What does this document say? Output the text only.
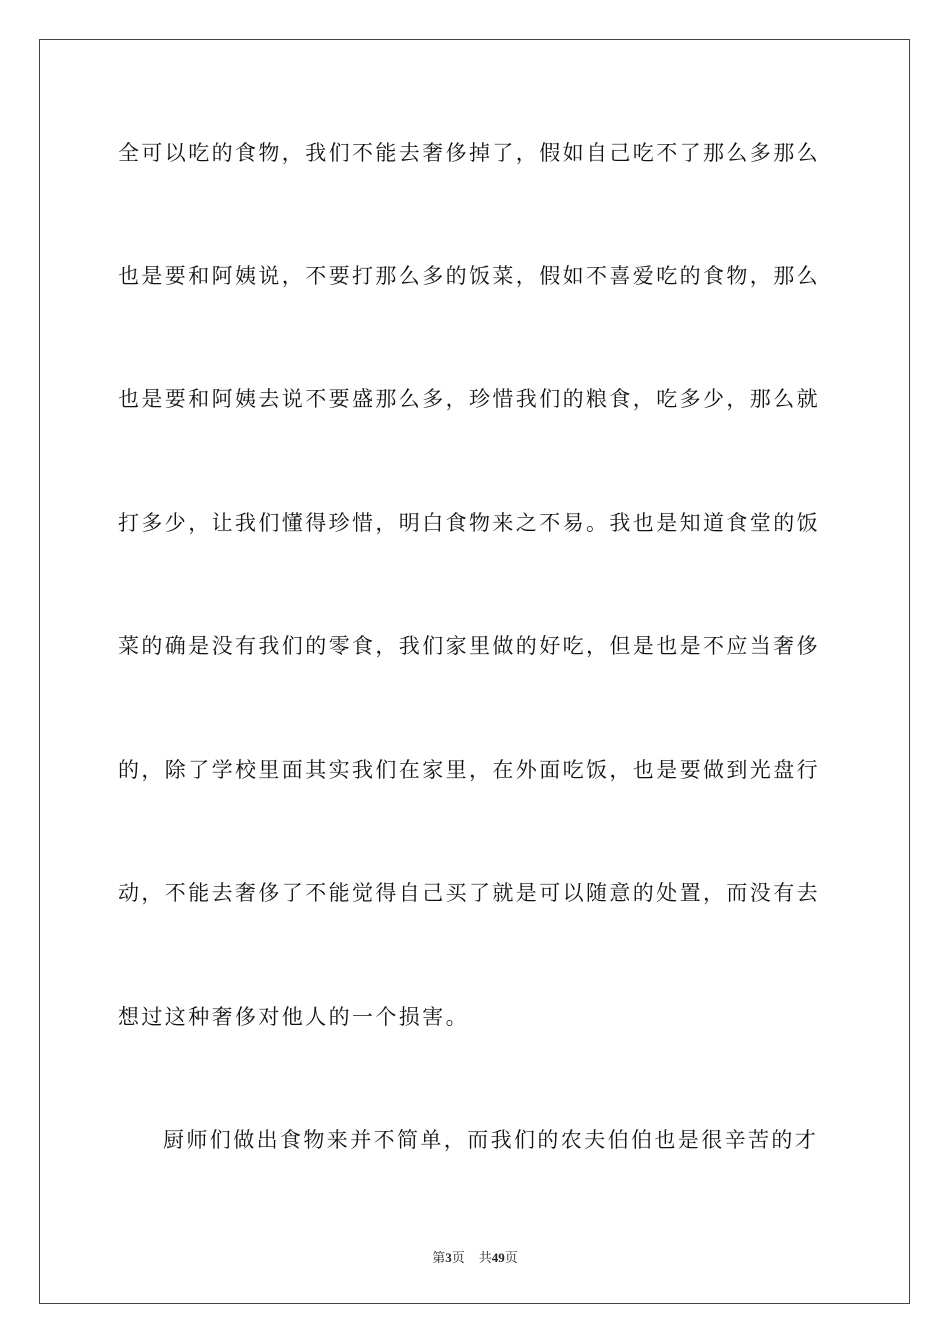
全可以吃的食物，我们不能去奢侈掉了，假如自己吃不了那么多那么
也是要和阿姨说，不要打那么多的饭菜，假如不喜爱吃的食物，那么
也是要和阿姨去说不要盛那么多，珍惜我们的粮食，吃多少，那么就
打多少，让我们懂得珍惜，明白食物来之不易。我也是知道食堂的饭
菜的确是没有我们的零食，我们家里做的好吃，但是也是不应当奢侈
的，除了学校里面其实我们在家里，在外面吃饭，也是要做到光盘行
动，不能去奢侈了不能觉得自己买了就是可以随意的处置，而没有去
想过这种奢侈对他人的一个损害。
厨师们做出食物来并不简单，而我们的农夫伯伯也是很辛苦的才
第3页 共49页
